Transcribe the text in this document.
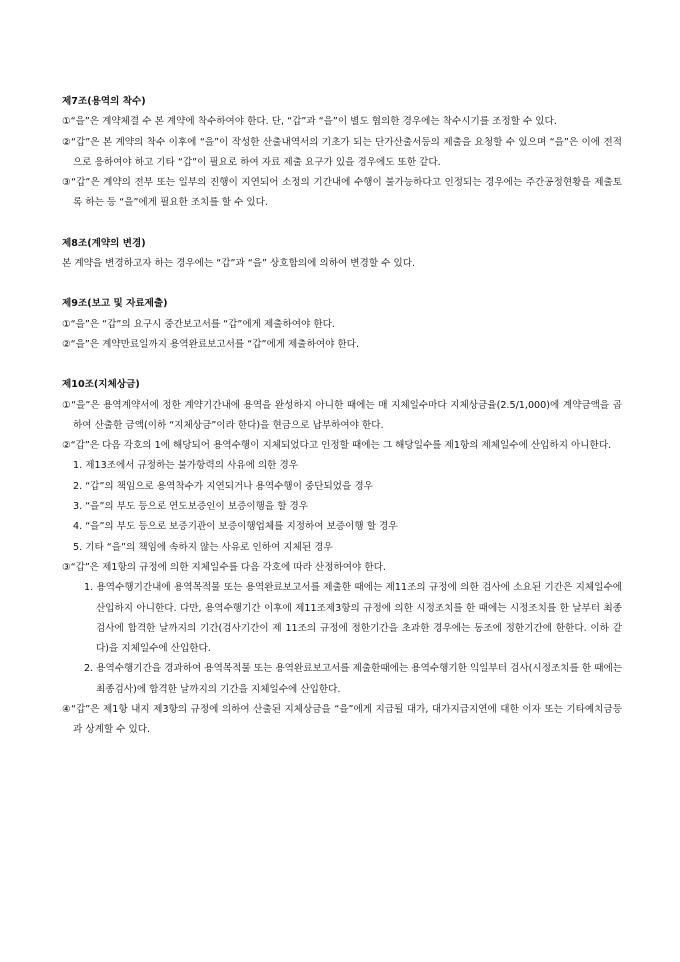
제7조(용역의 착수)
①“을”은 계약체결 수 본 계약에 착수하여야 한다. 단, “갑”과 “을”이 별도 협의한 경우에는 착수시기를 조정할 수 있다.
②“갑”은 본 계약의 착수 이후에 “을”이 작성한 산출내역서의 기초가 되는 단가산출서등의 제출을 요청할 수 있으며 “을”은 이에 전적으로 응하여야 하고 기타 “갑”이 필요로 하여 자료 제출 요구가 있을 경우에도 또한 같다.
③“갑”은 계약의 전부 또는 일부의 진행이 지연되어 소정의 기간내에 수행이 불가능하다고 인정되는 경우에는 주간공정현황을 제출토록 하는 등 “을”에게 필요한 조치를 할 수 있다.
제8조(계약의 변경)
본 계약을 변경하고자 하는 경우에는 “갑”과 “을” 상호합의에 의하여 변경할 수 있다.
제9조(보고 및 자료제출)
①“을”은 “갑”의 요구시 중간보고서를 “갑”에게 제출하여야 한다.
②“을”은 계약만료일까지 용역완료보고서를 “갑”에게 제출하여야 한다.
제10조(지체상금)
①“을”은 용역계약서에 정한 계약기간내에 용역을 완성하지 아니한 때에는 매 지체일수마다 지체상금율(2.5/1,000)에 계약금액을 곱하여 산출한 금액(이하 “지체상금”이라 한다)을 현금으로 납부하여야 한다.
②“갑”은 다음 각호의 1에 해당되어 용역수행이 지체되었다고 인정할 때에는 그 해당일수를 제1항의 제체일수에 산입하지 아니한다.
1. 제13조에서 규정하는 불가항력의 사유에 의한 경우
2. “갑”의 책임으로 용역착수가 지연되거나 용역수행이 중단되었을 경우
3. “을”의 부도 등으로 연도보증인이 보증이행을 할 경우
4. “을”의 부도 등으로 보증기관이 보증이행업체를 지정하여 보증이행 할 경우
5. 기타 “을”의 책임에 속하지 않는 사유로 인하여 지체된 경우
③“갑”은 제1항의 규정에 의한 지체일수를 다음 각호에 따라 산정하여야 한다.
1. 용역수행기간내에 용역목적물 또는 용역완료보고서를 제출한 때에는 제11조의 규정에 의한 검사에 소요된 기간은 지체일수에 산입하지 아니한다. 다만, 용역수행기간 이후에 제11조제3항의 규정에 의한 시정조치를 한 때에는 시정조치를 한 날부터 최종검사에 합격한 날까지의 기간(검사기간이 제 11조의 규정에 정한기간을 초과한 경우에는 동조에 정한기간에 한한다. 이하 같다)을 지체일수에 산입한다.
2. 용역수행기간을 경과하여 용역목적물 또는 용역완료보고서를 제출한때에는 용역수행기한 익일부터 검사(시정조치를 한 때에는 최종검사)에 합격한 날까지의 기간을 지체일수에 산입한다.
④“갑”은 제1항 내지 제3항의 규정에 의하여 산출된 지체상금을 “을”에게 지급될 대가, 대가지급지연에 대한 이자 또는 기타예치금등과 상계할 수 있다.
